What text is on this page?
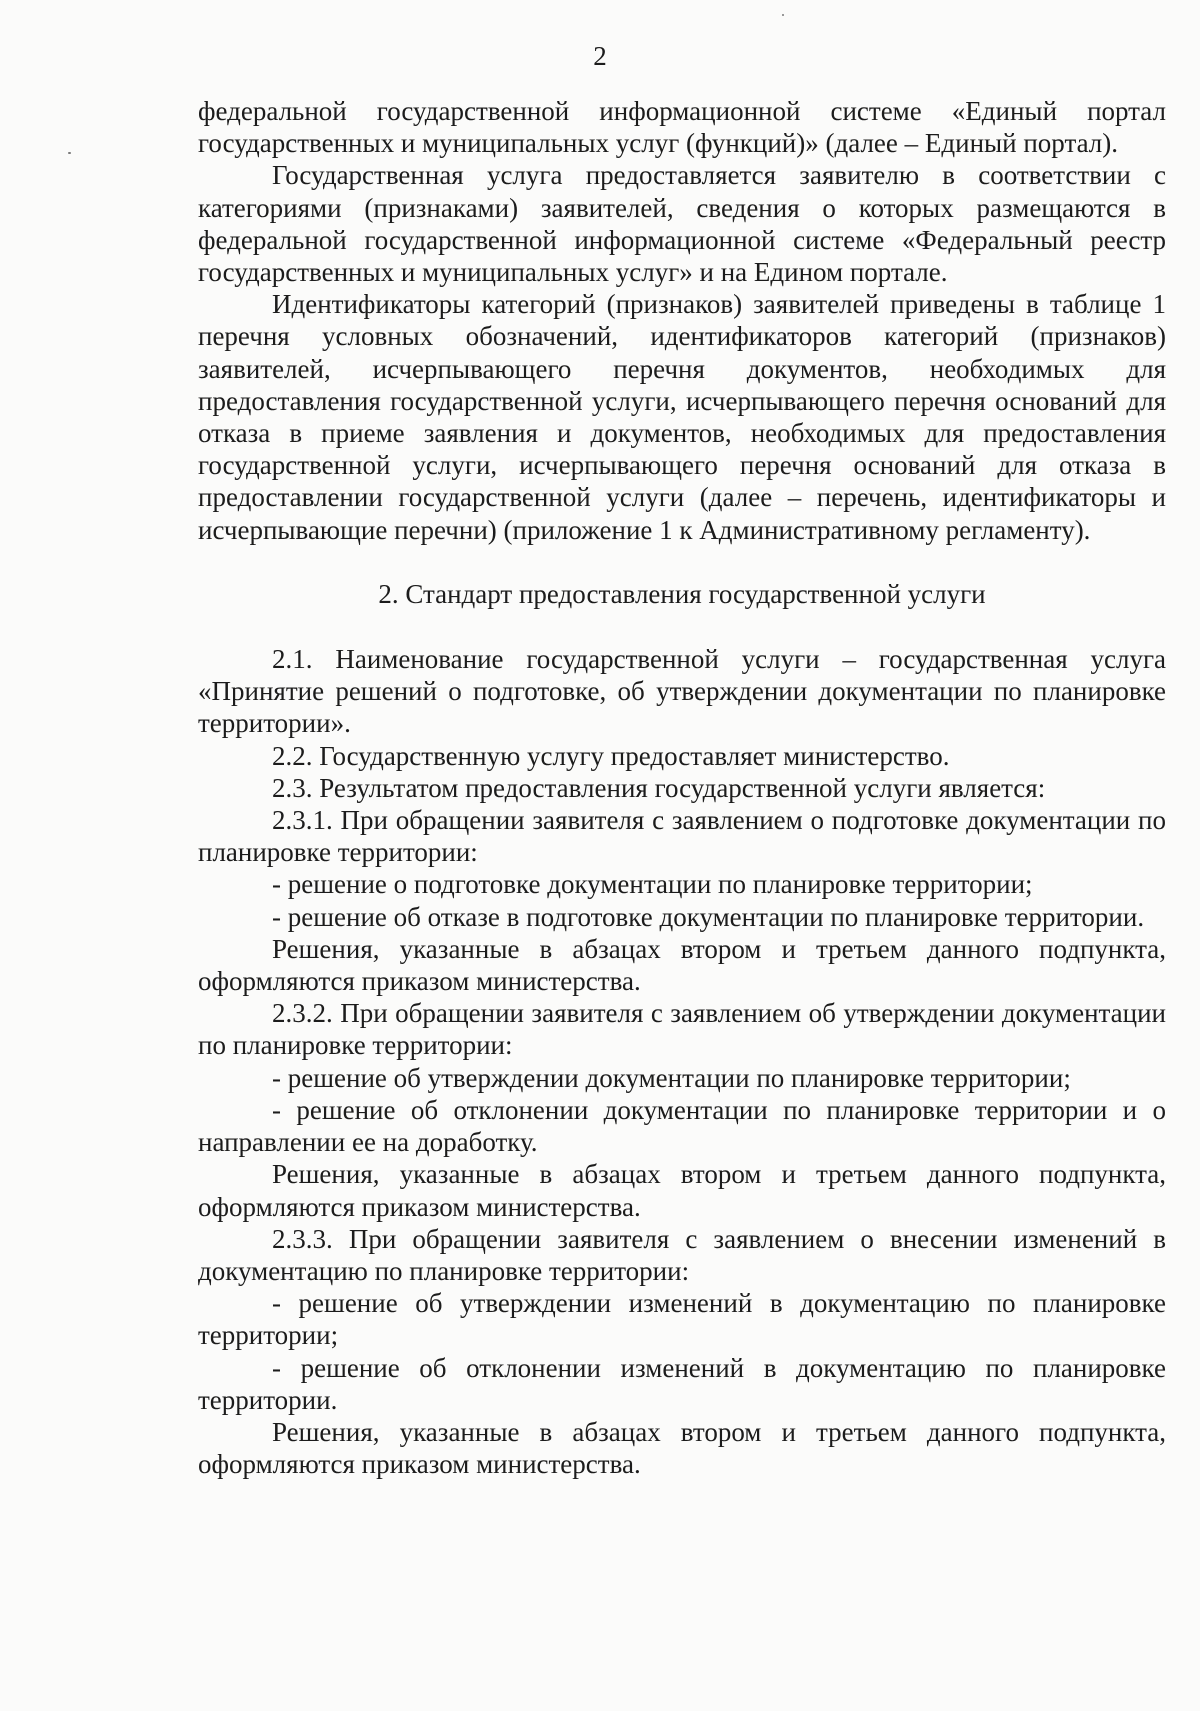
2

федеральной государственной информационной системе «Единый портал государственных и муниципальных услуг (функций)» (далее – Единый портал).

Государственная услуга предоставляется заявителю в соответствии с категориями (признаками) заявителей, сведения о которых размещаются в федеральной государственной информационной системе «Федеральный реестр государственных и муниципальных услуг» и на Едином портале.

Идентификаторы категорий (признаков) заявителей приведены в таблице 1 перечня условных обозначений, идентификаторов категорий (признаков) заявителей, исчерпывающего перечня документов, необходимых для предоставления государственной услуги, исчерпывающего перечня оснований для отказа в приеме заявления и документов, необходимых для предоставления государственной услуги, исчерпывающего перечня оснований для отказа в предоставлении государственной услуги (далее – перечень, идентификаторы и исчерпывающие перечни) (приложение 1 к Административному регламенту).

2. Стандарт предоставления государственной услуги

2.1. Наименование государственной услуги – государственная услуга «Принятие решений о подготовке, об утверждении документации по планировке территории».

2.2. Государственную услугу предоставляет министерство.

2.3. Результатом предоставления государственной услуги является:

2.3.1. При обращении заявителя с заявлением о подготовке документации по планировке территории:

- решение о подготовке документации по планировке территории;

- решение об отказе в подготовке документации по планировке территории.

Решения, указанные в абзацах втором и третьем данного подпункта, оформляются приказом министерства.

2.3.2. При обращении заявителя с заявлением об утверждении документации по планировке территории:

- решение об утверждении документации по планировке территории;

- решение об отклонении документации по планировке территории и о направлении ее на доработку.

Решения, указанные в абзацах втором и третьем данного подпункта, оформляются приказом министерства.

2.3.3. При обращении заявителя с заявлением о внесении изменений в документацию по планировке территории:

- решение об утверждении изменений в документацию по планировке территории;

- решение об отклонении изменений в документацию по планировке территории.

Решения, указанные в абзацах втором и третьем данного подпункта, оформляются приказом министерства.
